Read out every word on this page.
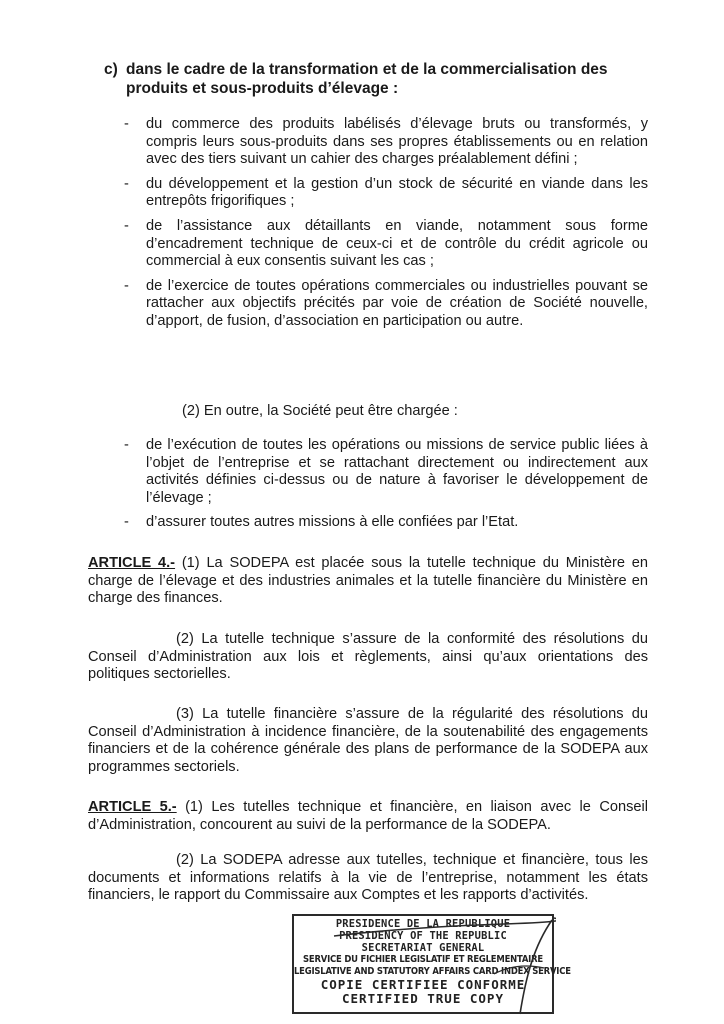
c) dans le cadre de la transformation et de la commercialisation des
produits et sous-produits d’élevage :
- du commerce des produits labélisés d’élevage bruts ou transformés, y compris leurs sous-produits dans ses propres établissements ou en relation avec des tiers suivant un cahier des charges préalablement défini ;
- du développement et la gestion d’un stock de sécurité en viande dans les entrepôts frigorifiques ;
- de l’assistance aux détaillants en viande, notamment sous forme d’encadrement technique de ceux-ci et de contrôle du crédit agricole ou commercial à eux consentis suivant les cas ;
- de l’exercice de toutes opérations commerciales ou industrielles pouvant se rattacher aux objectifs précités par voie de création de Société nouvelle, d’apport, de fusion, d’association en participation ou autre.
(2) En outre, la Société peut être chargée :
- de l’exécution de toutes les opérations ou missions de service public liées à l’objet de l’entreprise et se rattachant directement ou indirectement aux activités définies ci-dessus ou de nature à favoriser le développement de l’élevage ;
- d’assurer toutes autres missions à elle confiées par l’Etat.
ARTICLE 4.- (1) La SODEPA est placée sous la tutelle technique du Ministère en charge de l’élevage et des industries animales et la tutelle financière du Ministère en charge des finances.
(2) La tutelle technique s’assure de la conformité des résolutions du Conseil d’Administration aux lois et règlements, ainsi qu’aux orientations des politiques sectorielles.
(3) La tutelle financière s’assure de la régularité des résolutions du Conseil d’Administration à incidence financière, de la soutenabilité des engagements financiers et de la cohérence générale des plans de performance de la SODEPA aux programmes sectoriels.
ARTICLE 5.- (1) Les tutelles technique et financière, en liaison avec le Conseil d’Administration, concourent au suivi de la performance de la SODEPA.
(2) La SODEPA adresse aux tutelles, technique et financière, tous les documents et informations relatifs à la vie de l’entreprise, notamment les états financiers, le rapport du Commissaire aux Comptes et les rapports d’activités.
PRESIDENCE DE LA REPUBLIQUE
PRESIDENCY OF THE REPUBLIC
SECRETARIAT GENERAL
SERVICE DU FICHIER LEGISLATIF ET REGLEMENTAIRE
LEGISLATIVE AND STATUTORY AFFAIRS CARD INDEX SERVICE
COPIE CERTIFIEE CONFORME
CERTIFIED TRUE COPY
